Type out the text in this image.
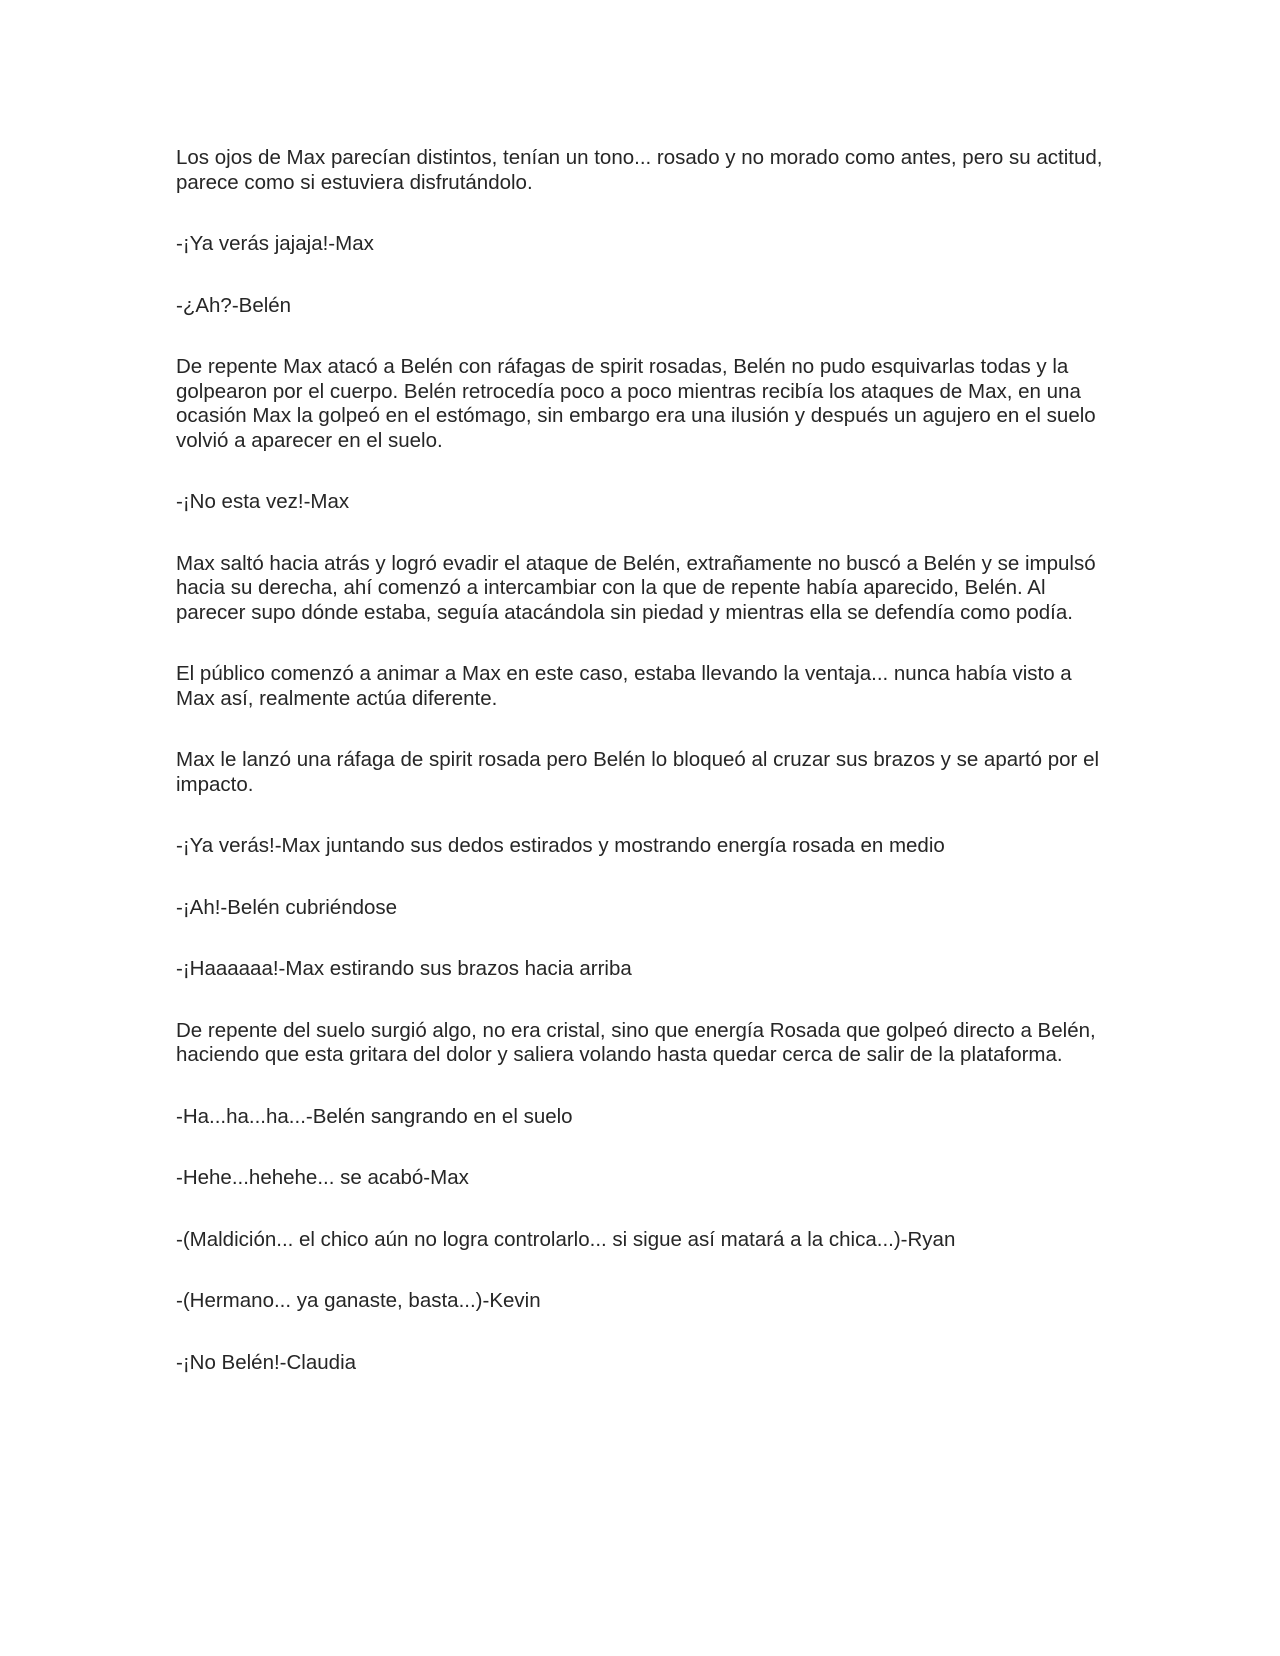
Los ojos de Max parecían distintos, tenían un tono... rosado y no morado como antes, pero su actitud, parece como si estuviera disfrutándolo.

-¡Ya verás jajaja!-Max

-¿Ah?-Belén

De repente Max atacó a Belén con ráfagas de spirit rosadas, Belén no pudo esquivarlas todas y la golpearon por el cuerpo. Belén retrocedía poco a poco mientras recibía los ataques de Max, en una ocasión Max la golpeó en el estómago, sin embargo era una ilusión y después un agujero en el suelo volvió a aparecer en el suelo.

-¡No esta vez!-Max

Max saltó hacia atrás y logró evadir el ataque de Belén, extrañamente no buscó a Belén y se impulsó hacia su derecha, ahí comenzó a intercambiar con la que de repente había aparecido, Belén. Al parecer supo dónde estaba, seguía atacándola sin piedad y mientras ella se defendía como podía.

El público comenzó a animar a Max en este caso, estaba llevando la ventaja... nunca había visto a Max así, realmente actúa diferente.

Max le lanzó una ráfaga de spirit rosada pero Belén lo bloqueó al cruzar sus brazos y se apartó por el impacto.

-¡Ya verás!-Max juntando sus dedos estirados y mostrando energía rosada en medio

-¡Ah!-Belén cubriéndose

-¡Haaaaaa!-Max estirando sus brazos hacia arriba

De repente del suelo surgió algo, no era cristal, sino que energía Rosada que golpeó directo a Belén, haciendo que esta gritara del dolor y saliera volando hasta quedar cerca de salir de la plataforma.

-Ha...ha...ha...-Belén sangrando en el suelo

-Hehe...hehehe... se acabó-Max

-(Maldición... el chico aún no logra controlarlo... si sigue así matará a la chica...)-Ryan

-(Hermano... ya ganaste, basta...)-Kevin

-¡No Belén!-Claudia
